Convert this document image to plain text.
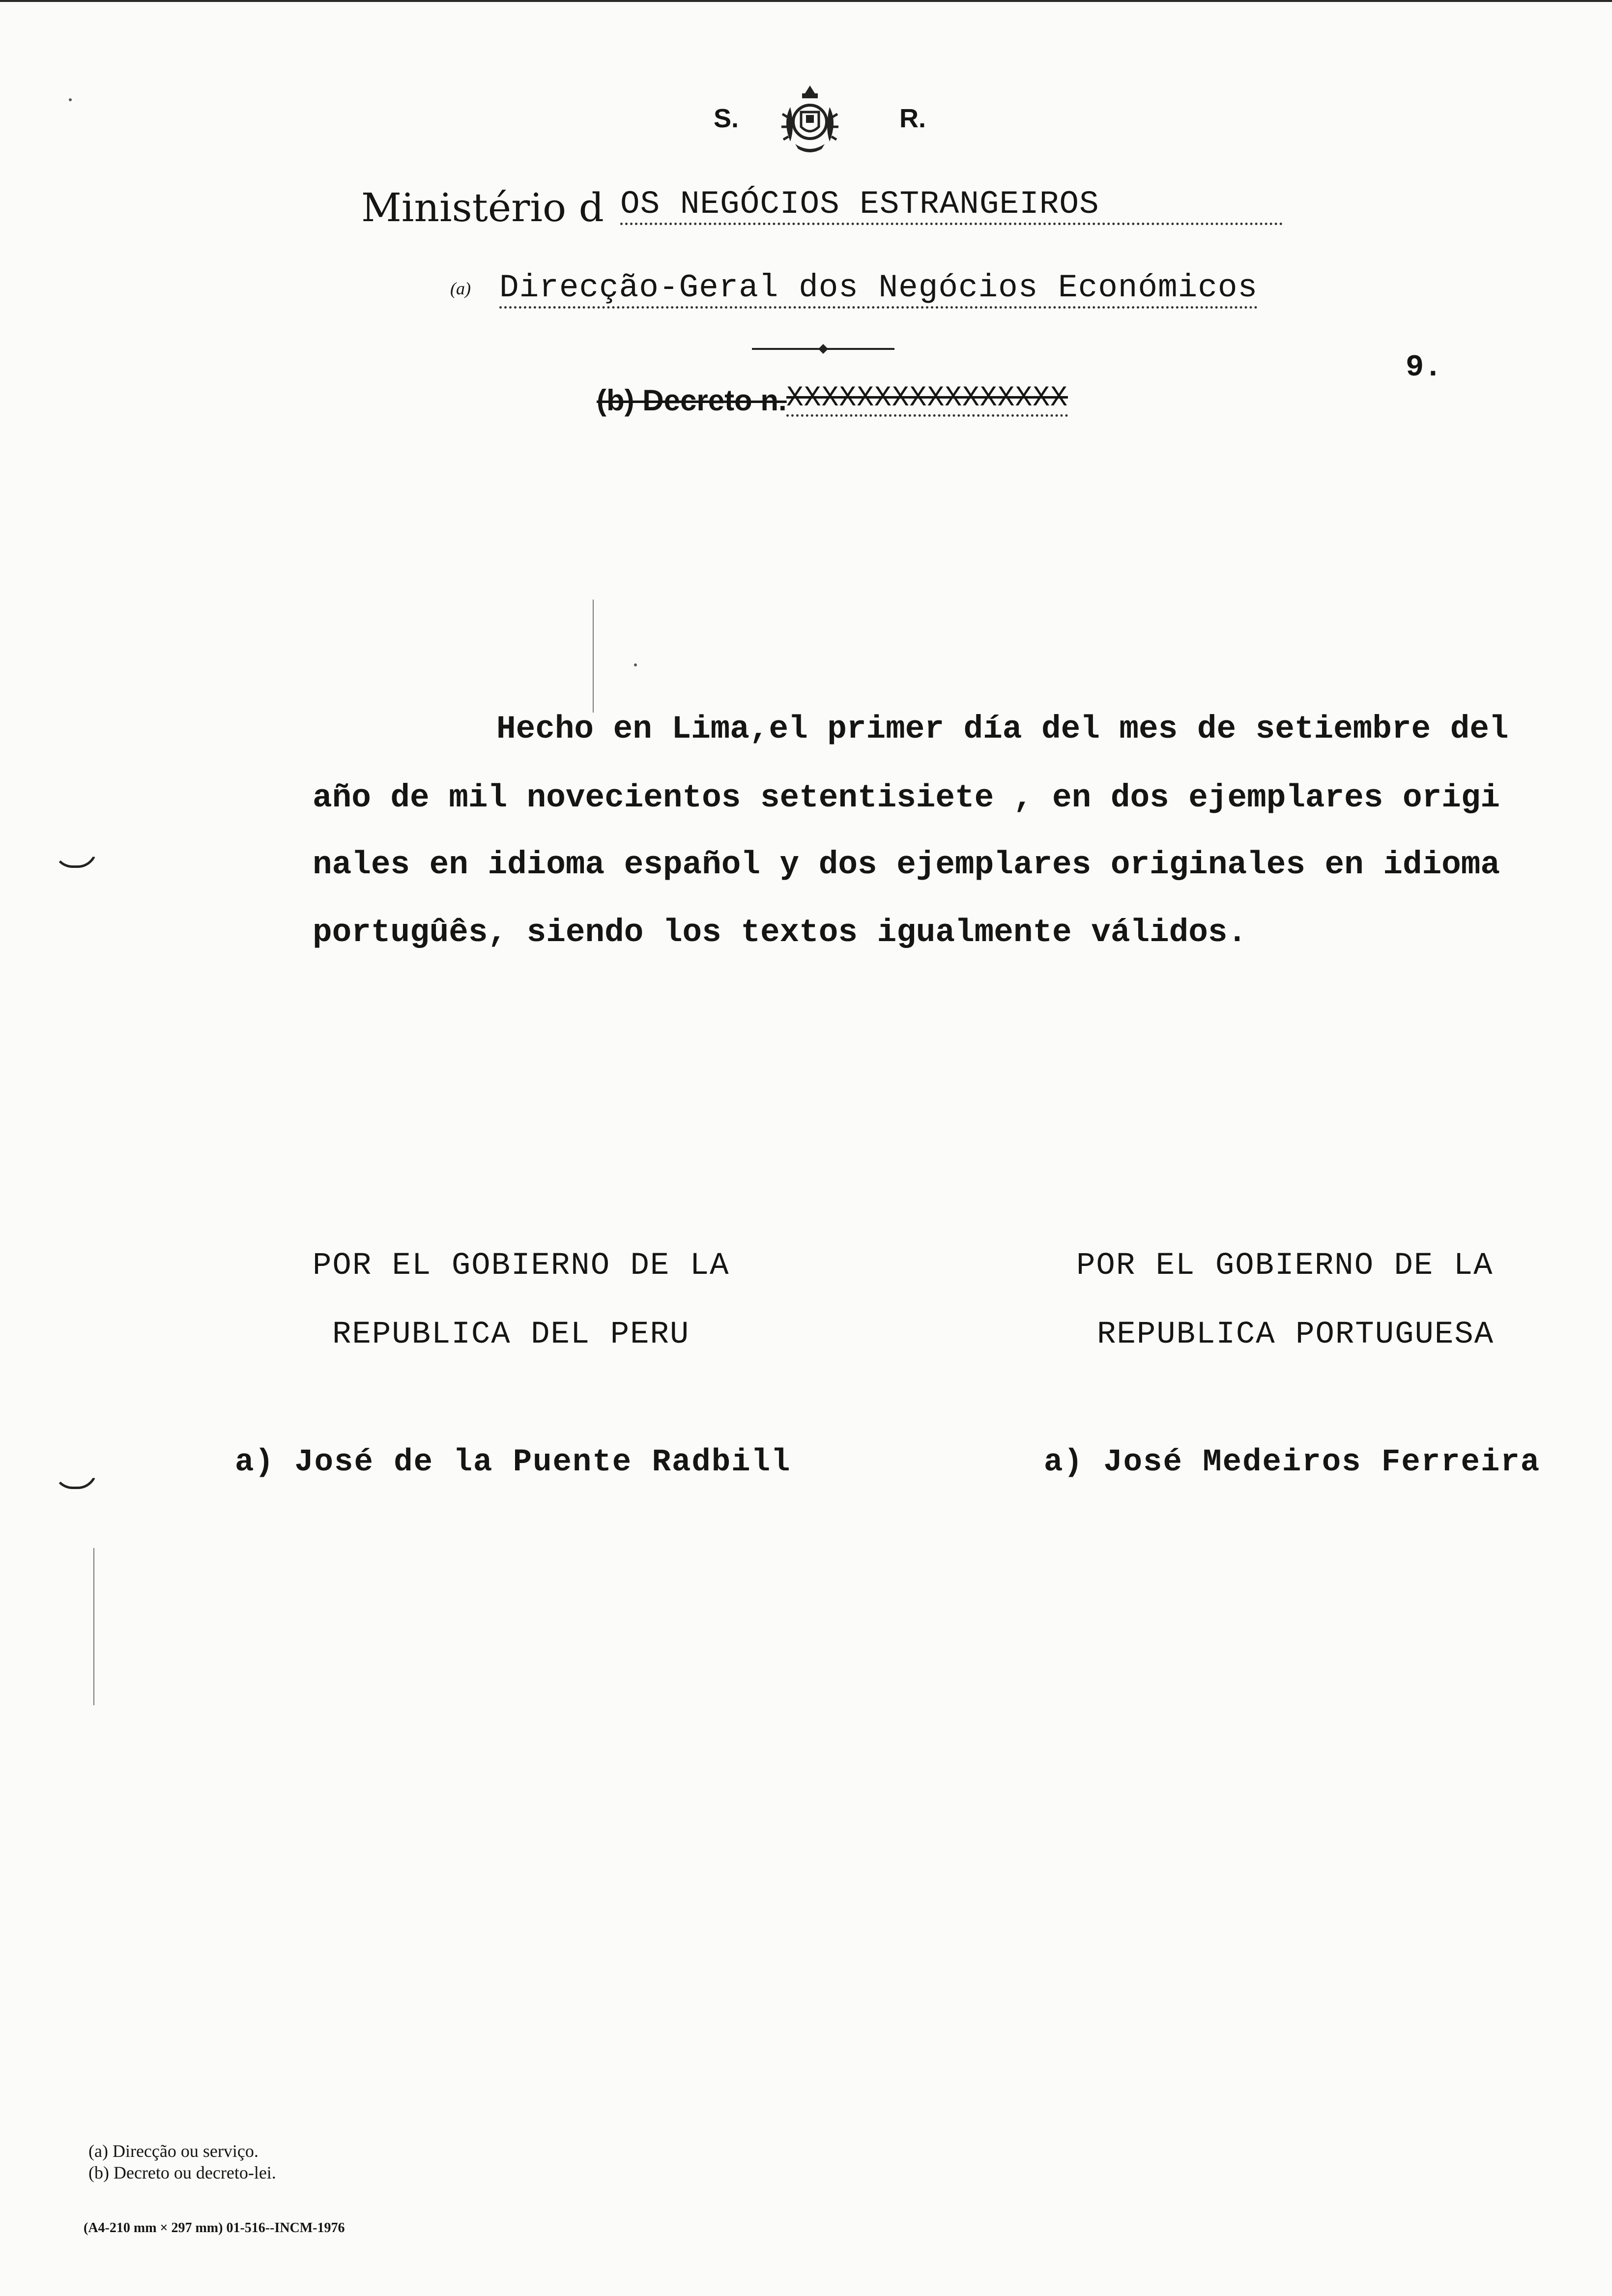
S.	R.
Ministério d OS NEGÓCIOS ESTRANGEIROS
(a) Direcção-Geral dos Negócios Económicos
(b) Decreto n. XXXXXXXXXXXXXXXX
9.
Hecho en Lima,el primer día del mes de setiembre del
año de mil novecientos setentisiete , en dos ejemplares origi
nales en idioma español y dos ejemplares originales en idioma
portugûês, siendo los textos igualmente válidos.
POR EL GOBIERNO DE LA
REPUBLICA DEL PERU
a) José de la Puente Radbill
POR EL GOBIERNO DE LA
REPUBLICA PORTUGUESA
a) José Medeiros Ferreira
(a) Direcção ou serviço.
(b) Decreto ou decreto-lei.
(A4-210 mm × 297 mm) 01-516--INCM-1976
